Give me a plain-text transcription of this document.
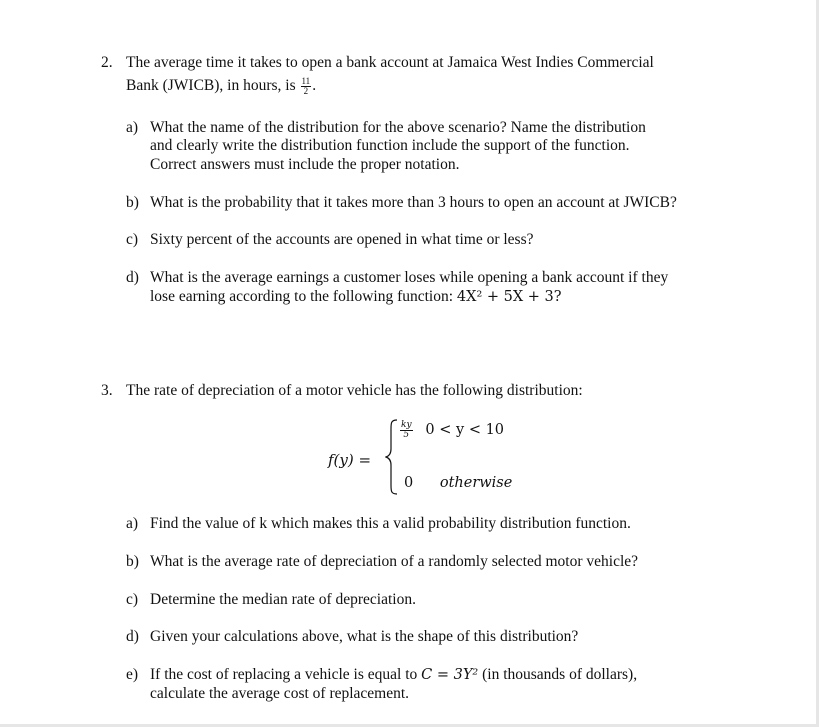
2. The average time it takes to open a bank account at Jamaica West Indies Commercial
Bank (JWICB), in hours, is $\frac{11}{2}$ .
a) What the name of the distribution for the above scenario? Name the distribution
and clearly write the distribution function include the support of the function.
Correct answers must include the proper notation.
b) What is the probability that it takes more than 3 hours to open an account at JWICB?
c) Sixty percent of the accounts are opened in what time or less?
d) What is the average earnings a customer loses while opening a bank account if they
lose earning according to the following function: 4X² + 5X + 3?
3. The rate of depreciation of a motor vehicle has the following distribution:
f(y) =
$\frac{ky}{5} 0 < y < 10$
0 otherwise
a) Find the value of k which makes this a valid probability distribution function.
b) What is the average rate of depreciation of a randomly selected motor vehicle?
c) Determine the median rate of depreciation.
d) Given your calculations above, what is the shape of this distribution?
e) If the cost of replacing a vehicle is equal to C = 3Y² (in thousands of dollars),
calculate the average cost of replacement.
